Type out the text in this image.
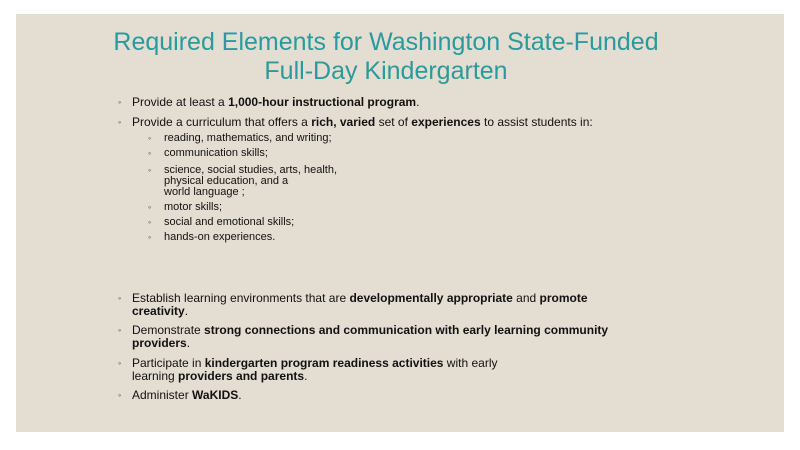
Required Elements for Washington State-Funded
Full-Day Kindergarten
◦ Provide at least a 1,000-hour instructional program.
◦ Provide a curriculum that offers a rich, varied set of experiences to assist students in:
◦ reading, mathematics, and writing;
◦ communication skills;
◦ science, social studies, arts, health,
physical education, and a
world language ;
◦ motor skills;
◦ social and emotional skills;
◦ hands-on experiences.
◦ Establish learning environments that are developmentally appropriate and promote
creativity.
◦ Demonstrate strong connections and communication with early learning community
providers.
◦ Participate in kindergarten program readiness activities with early
learning providers and parents.
◦ Administer WaKIDS.
